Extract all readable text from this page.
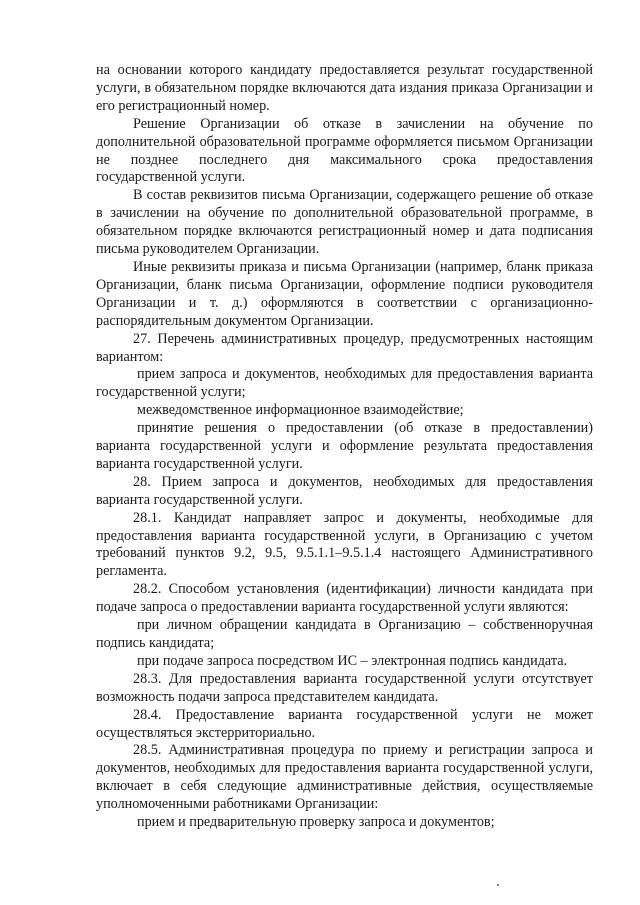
на основании которого кандидату предоставляется результат государственной услуги, в обязательном порядке включаются дата издания приказа Организации и его регистрационный номер.

Решение Организации об отказе в зачислении на обучение по дополнительной образовательной программе оформляется письмом Организации не позднее последнего дня максимального срока предоставления государственной услуги.

В состав реквизитов письма Организации, содержащего решение об отказе в зачислении на обучение по дополнительной образовательной программе, в обязательном порядке включаются регистрационный номер и дата подписания письма руководителем Организации.

Иные реквизиты приказа и письма Организации (например, бланк приказа Организации, бланк письма Организации, оформление подписи руководителя Организации и т. д.) оформляются в соответствии с организационно-распорядительным документом Организации.

27. Перечень административных процедур, предусмотренных настоящим вариантом:

прием запроса и документов, необходимых для предоставления варианта государственной услуги;

межведомственное информационное взаимодействие;

принятие решения о предоставлении (об отказе в предоставлении) варианта государственной услуги и оформление результата предоставления варианта государственной услуги.

28. Прием запроса и документов, необходимых для предоставления варианта государственной услуги.

28.1. Кандидат направляет запрос и документы, необходимые для предоставления варианта государственной услуги, в Организацию с учетом требований пунктов 9.2, 9.5, 9.5.1.1–9.5.1.4 настоящего Административного регламента.

28.2. Способом установления (идентификации) личности кандидата при подаче запроса о предоставлении варианта государственной услуги являются:

при личном обращении кандидата в Организацию – собственноручная подпись кандидата;

при подаче запроса посредством ИС – электронная подпись кандидата.

28.3. Для предоставления варианта государственной услуги отсутствует возможность подачи запроса представителем кандидата.

28.4. Предоставление варианта государственной услуги не может осуществляться экстерриториально.

28.5. Административная процедура по приему и регистрации запроса и документов, необходимых для предоставления варианта государственной услуги, включает в себя следующие административные действия, осуществляемые уполномоченными работниками Организации:

прием и предварительную проверку запроса и документов;
